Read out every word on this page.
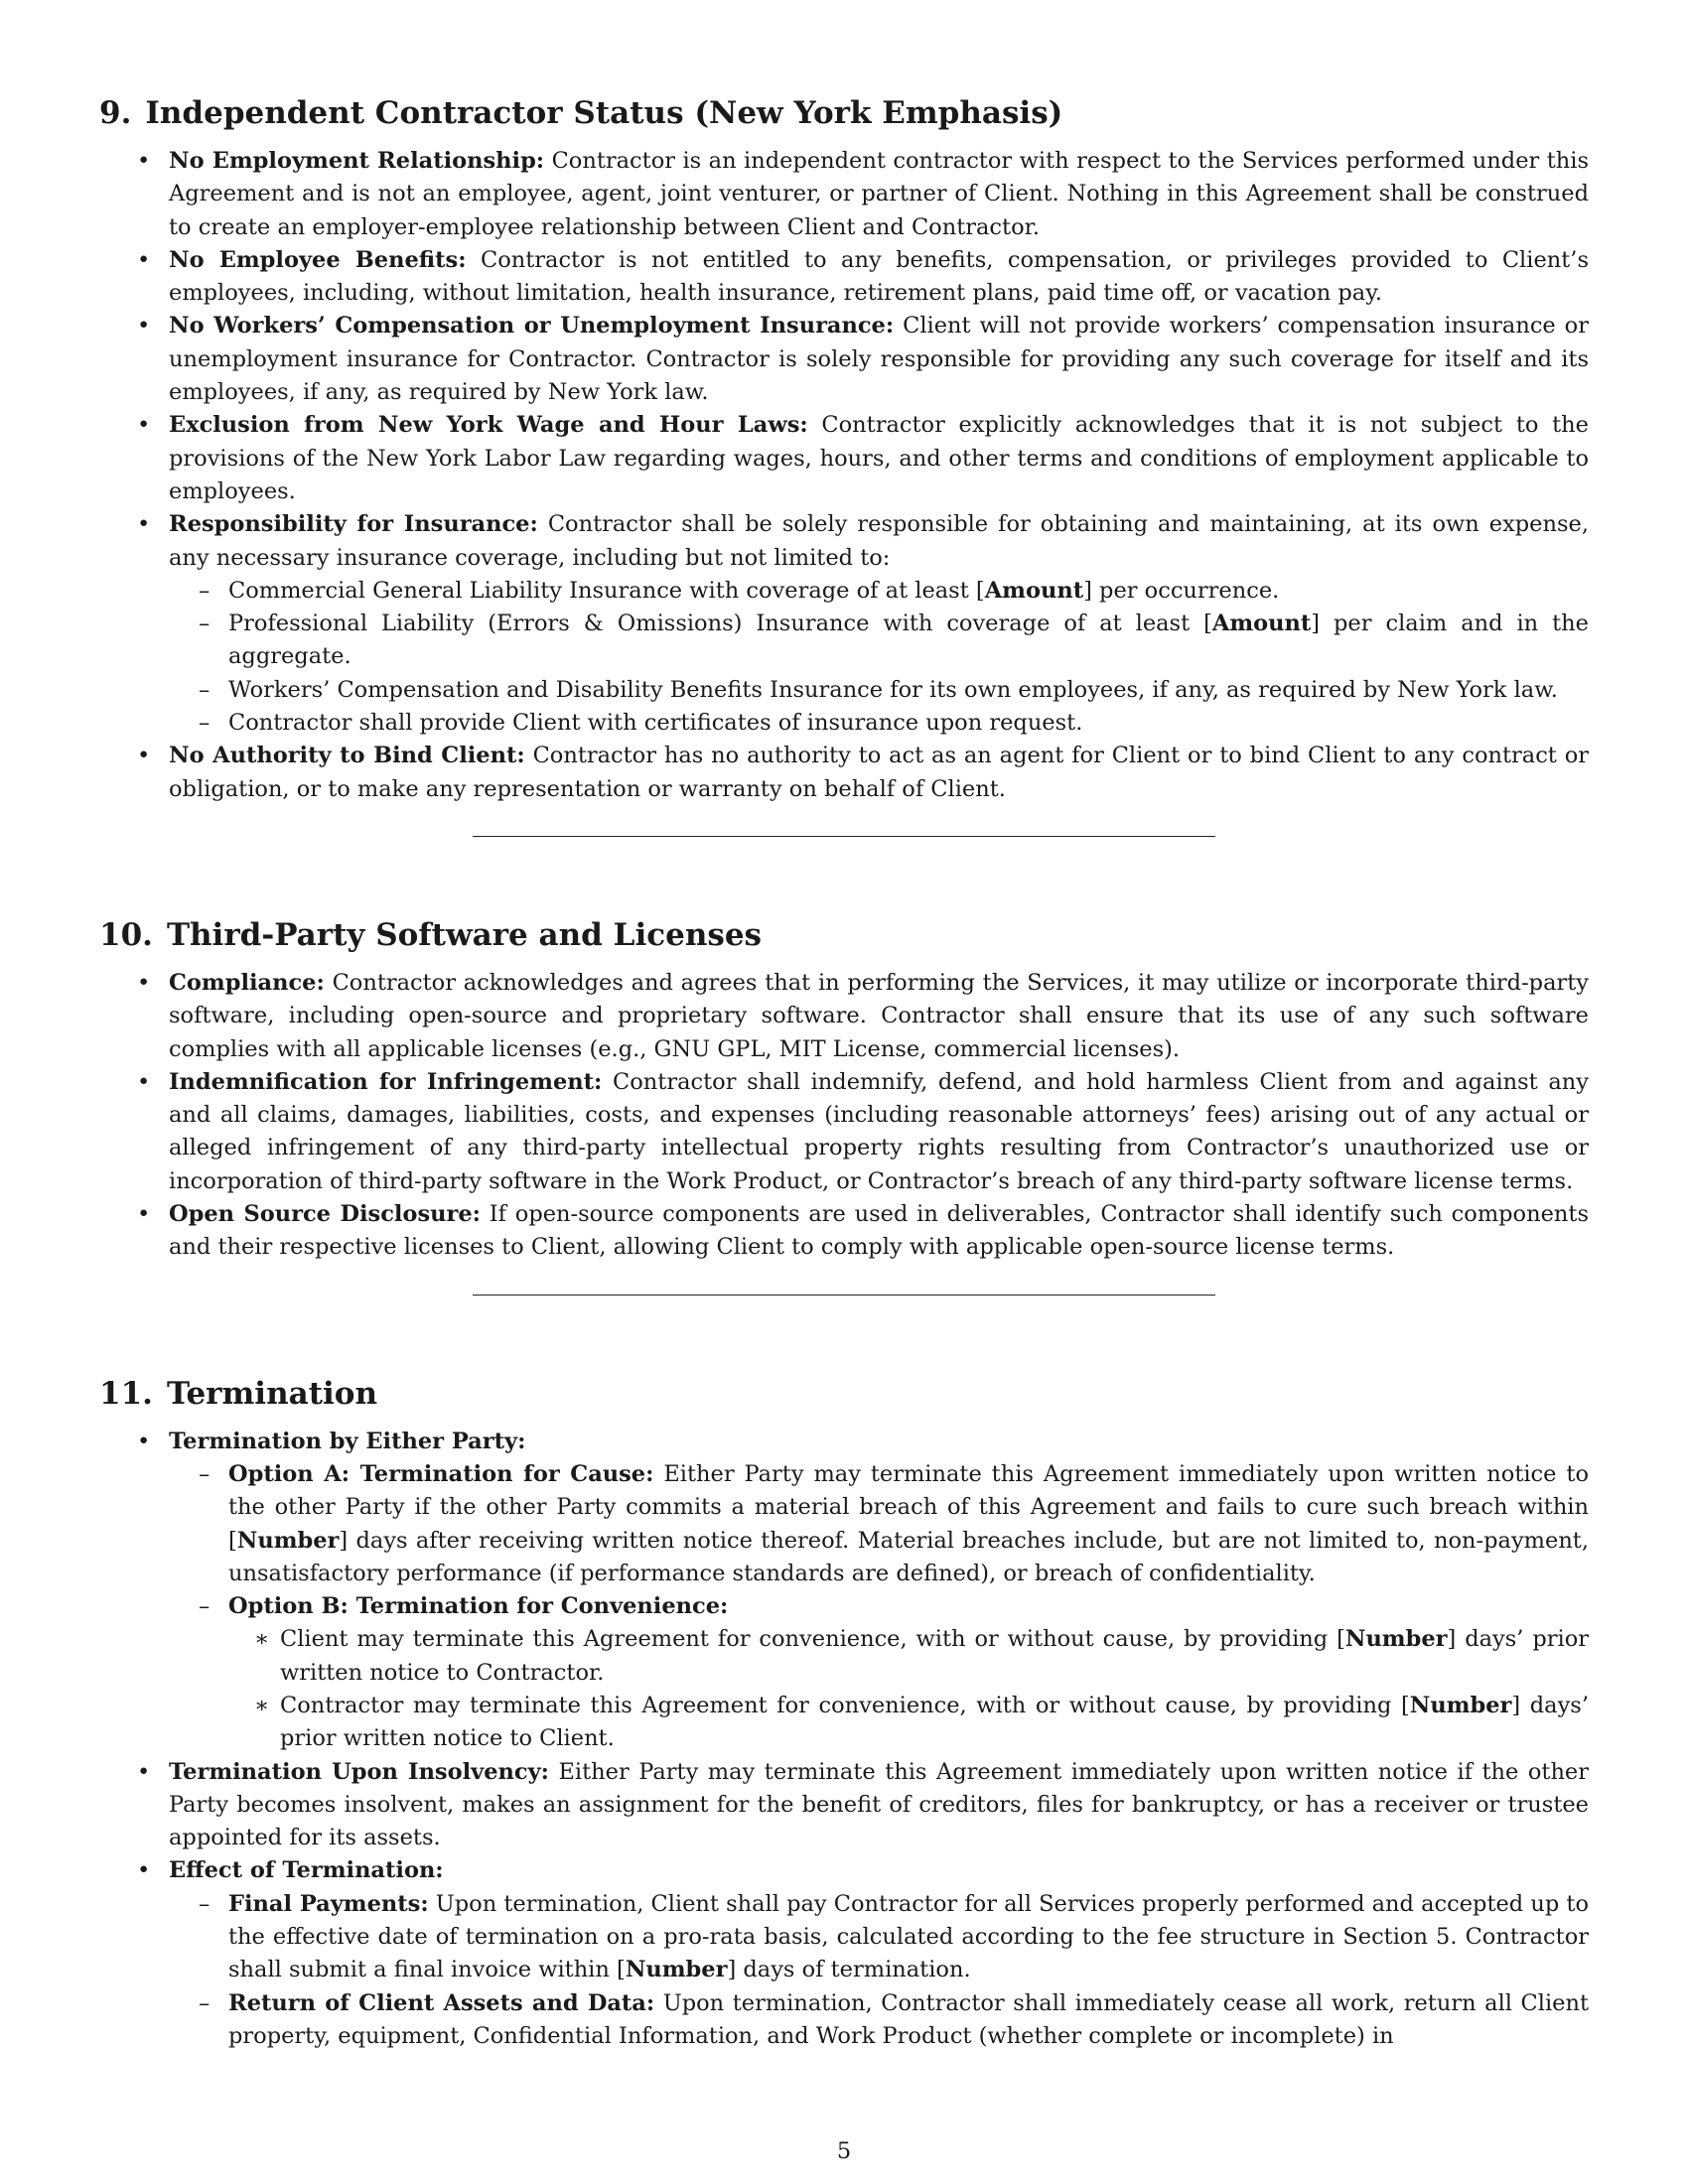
9. Independent Contractor Status (New York Emphasis)
• No Employment Relationship: Contractor is an independent contractor with respect to the Services performed under this Agreement and is not an employee, agent, joint venturer, or partner of Client. Nothing in this Agreement shall be construed to create an employer-employee relationship between Client and Contractor.
• No Employee Benefits: Contractor is not entitled to any benefits, compensation, or privileges provided to Client’s employees, including, without limitation, health insurance, retirement plans, paid time off, or vacation pay.
• No Workers’ Compensation or Unemployment Insurance: Client will not provide workers’ compensation insurance or unemployment insurance for Contractor. Contractor is solely responsible for providing any such coverage for itself and its employees, if any, as required by New York law.
• Exclusion from New York Wage and Hour Laws: Contractor explicitly acknowledges that it is not subject to the provisions of the New York Labor Law regarding wages, hours, and other terms and conditions of employment applicable to employees.
• Responsibility for Insurance: Contractor shall be solely responsible for obtaining and maintaining, at its own expense, any necessary insurance coverage, including but not limited to:
– Commercial General Liability Insurance with coverage of at least [Amount] per occurrence.
– Professional Liability (Errors & Omissions) Insurance with coverage of at least [Amount] per claim and in the aggregate.
– Workers’ Compensation and Disability Benefits Insurance for its own employees, if any, as required by New York law.
– Contractor shall provide Client with certificates of insurance upon request.
• No Authority to Bind Client: Contractor has no authority to act as an agent for Client or to bind Client to any contract or obligation, or to make any representation or warranty on behalf of Client.
10. Third-Party Software and Licenses
• Compliance: Contractor acknowledges and agrees that in performing the Services, it may utilize or incorporate third-party software, including open-source and proprietary software. Contractor shall ensure that its use of any such software complies with all applicable licenses (e.g., GNU GPL, MIT License, commercial licenses).
• Indemnification for Infringement: Contractor shall indemnify, defend, and hold harmless Client from and against any and all claims, damages, liabilities, costs, and expenses (including reasonable attorneys’ fees) arising out of any actual or alleged infringement of any third-party intellectual property rights resulting from Contractor’s unauthorized use or incorporation of third-party software in the Work Product, or Contractor’s breach of any third-party software license terms.
• Open Source Disclosure: If open-source components are used in deliverables, Contractor shall identify such components and their respective licenses to Client, allowing Client to comply with applicable open-source license terms.
11. Termination
• Termination by Either Party:
– Option A: Termination for Cause: Either Party may terminate this Agreement immediately upon written notice to the other Party if the other Party commits a material breach of this Agreement and fails to cure such breach within [Number] days after receiving written notice thereof. Material breaches include, but are not limited to, non-payment, unsatisfactory performance (if performance standards are defined), or breach of confidentiality.
– Option B: Termination for Convenience:
∗ Client may terminate this Agreement for convenience, with or without cause, by providing [Number] days’ prior written notice to Contractor.
∗ Contractor may terminate this Agreement for convenience, with or without cause, by providing [Number] days’ prior written notice to Client.
• Termination Upon Insolvency: Either Party may terminate this Agreement immediately upon written notice if the other Party becomes insolvent, makes an assignment for the benefit of creditors, files for bankruptcy, or has a receiver or trustee appointed for its assets.
• Effect of Termination:
– Final Payments: Upon termination, Client shall pay Contractor for all Services properly performed and accepted up to the effective date of termination on a pro-rata basis, calculated according to the fee structure in Section 5. Contractor shall submit a final invoice within [Number] days of termination.
– Return of Client Assets and Data: Upon termination, Contractor shall immediately cease all work, return all Client property, equipment, Confidential Information, and Work Product (whether complete or incomplete) in
5
